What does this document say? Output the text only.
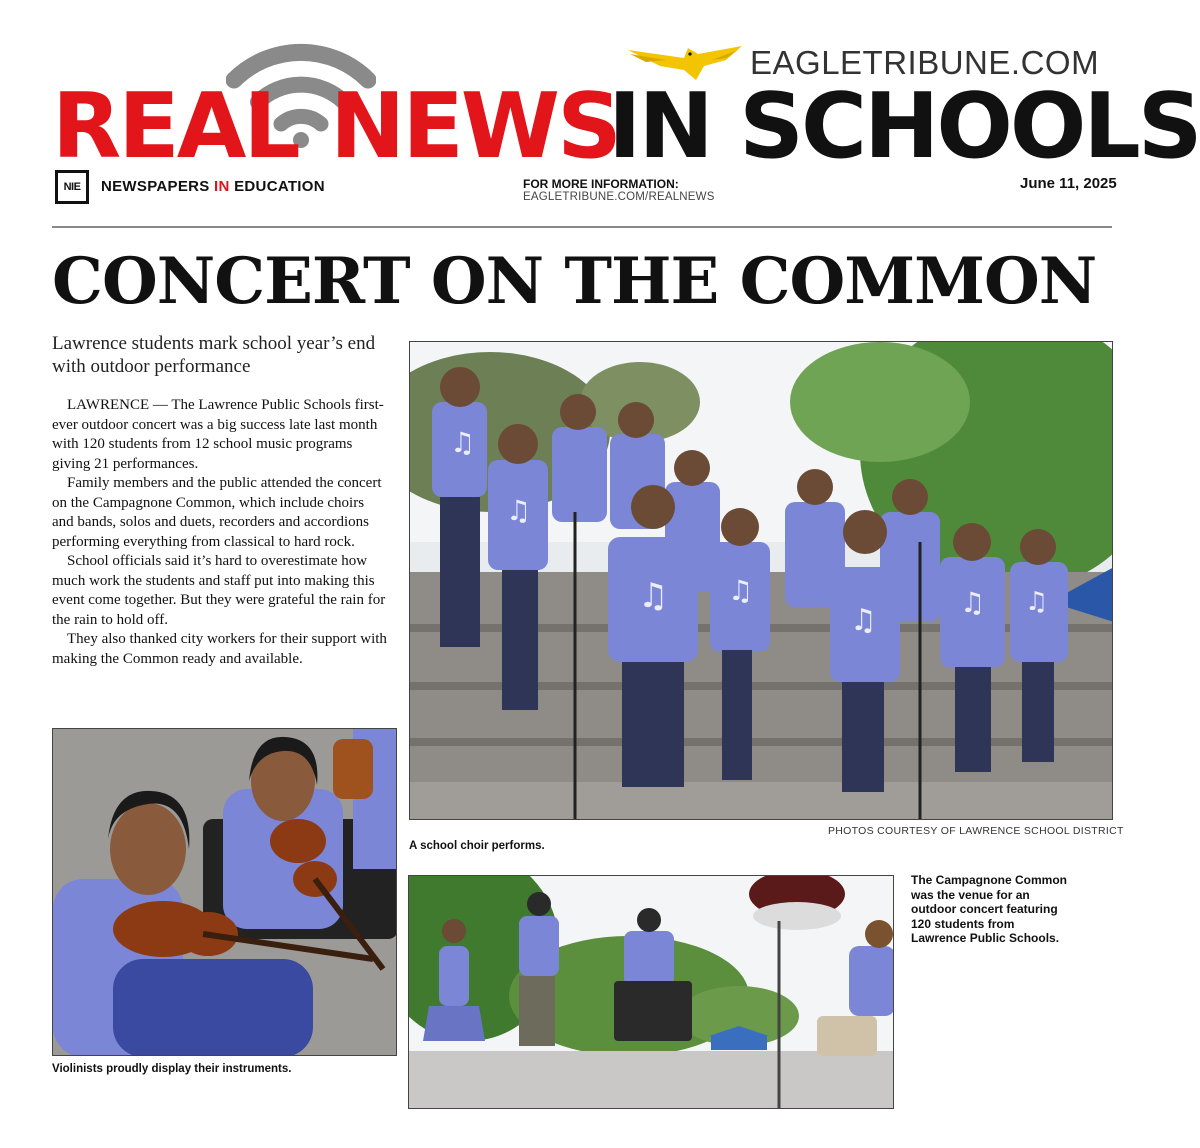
REAL NEWS
IN SCHOOLS
EAGLETRIBUNE.COM
NIE	NEWSPAPERS IN EDUCATION	FOR MORE INFORMATION:
EAGLETRIBUNE.COM/REALNEWS
June 11, 2025
CONCERT ON THE COMMON
Lawrence students mark school year’s end with outdoor performance

LAWRENCE — The Lawrence Public Schools first-ever outdoor concert was a big success late last month with 120 students from 12 school music programs giving 21 performances.

Family members and the public attended the concert on the Campagnone Common, which include choirs and bands, solos and duets, recorders and accordions performing everything from classical to hard rock.

School officials said it’s hard to overestimate how much work the students and staff put into making this event come together. But they were grateful the rain for the rain to hold off.

They also thanked city workers for their support with making the Common ready and available.

♫
♫
♫ ♫
♫
♫ ♫
PHOTOS COURTESY OF LAWRENCE SCHOOL DISTRICT
A school choir performs.
Violinists proudly display their instruments.
The Campagnone Common was the venue for an outdoor concert featuring 120 students from Lawrence Public Schools.
